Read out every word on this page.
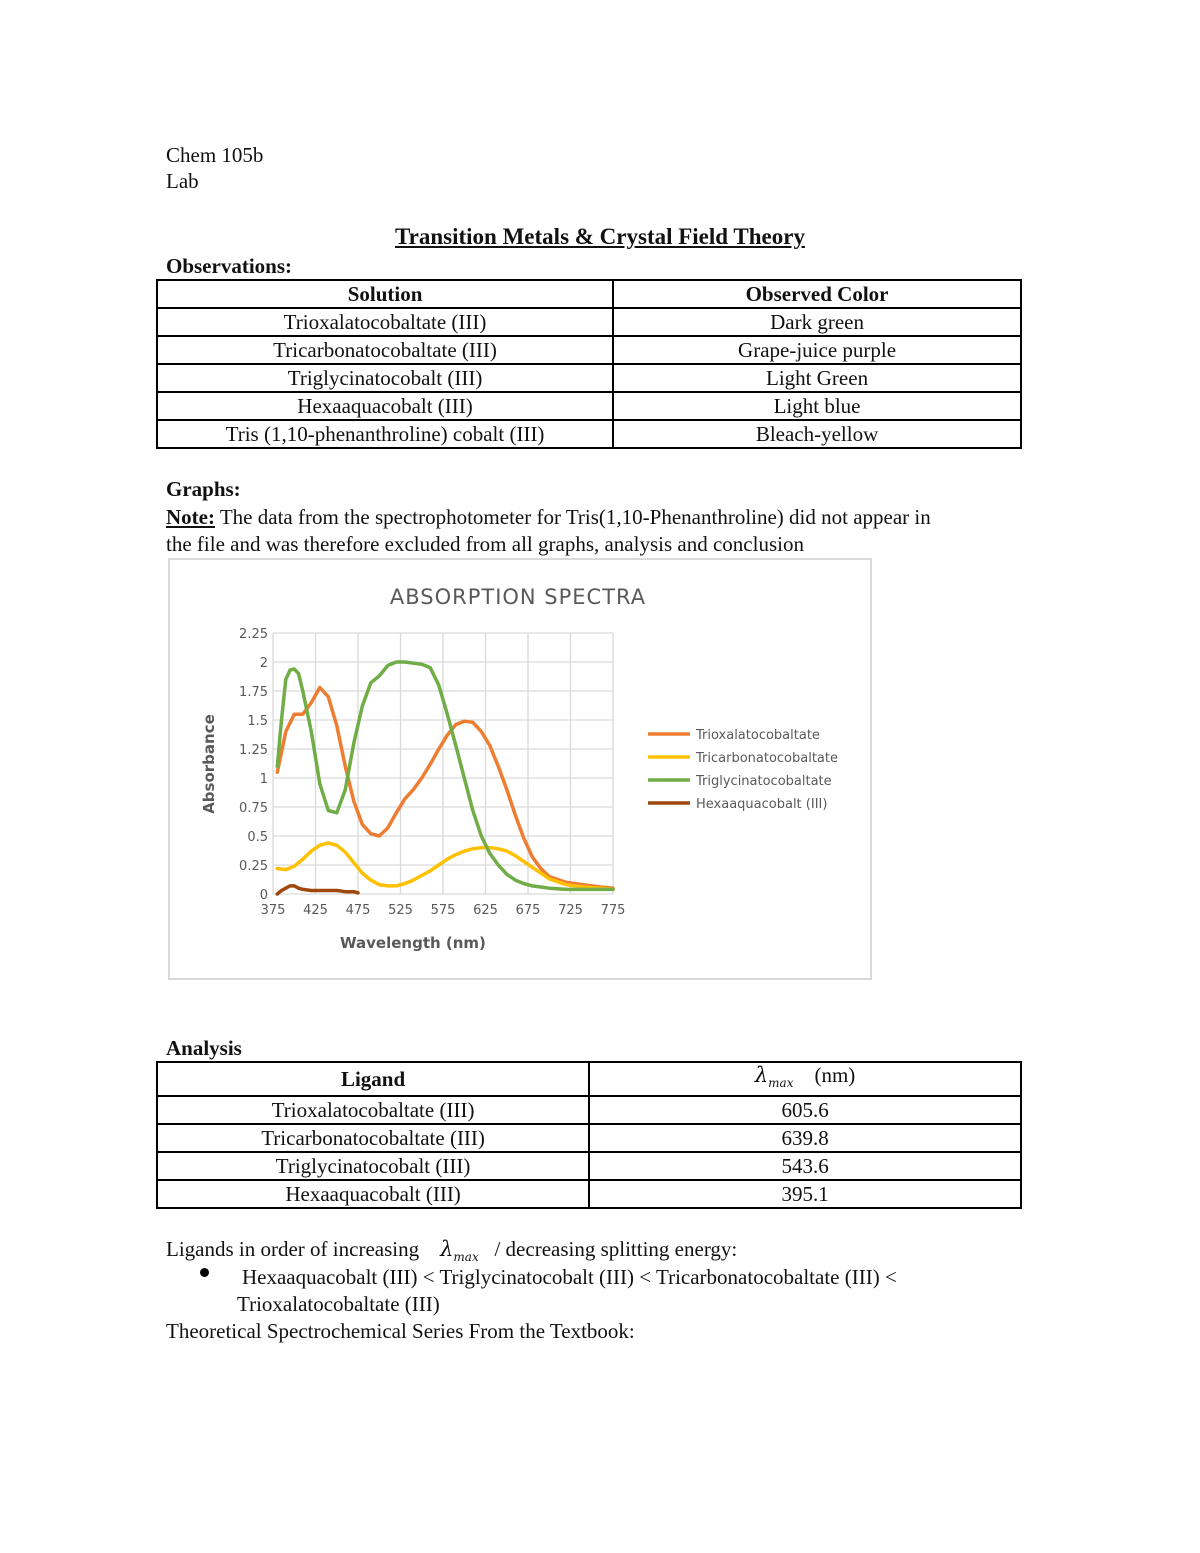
Chem 105b
Lab
Transition Metals & Crystal Field Theory
Observations:
Solution	Observed Color
Trioxalatocobaltate (III)	Dark green
Tricarbonatocobaltate (III)	Grape-juice purple
Triglycinatocobalt (III)	Light Green
Hexaaquacobalt (III)	Light blue
Tris (1,10-phenanthroline) cobalt (III)	Bleach-yellow
Graphs:
Note: The data from the spectrophotometer for Tris(1,10-Phenanthroline) did not appear in
the file and was therefore excluded from all graphs, analysis and conclusion
ABSORPTION SPECTRA
375 425 475 525 575 625 675 725 775
0
0.25
0.5
0.75
1
1.25
1.5
1.75
2
2.25
Wavelength (nm)
Absorbance	Trioxalatocobaltate
Tricarbonatocobaltate
Triglycinatocobaltate
Hexaaquacobalt (III)
Analysis
Ligand	$\lambda_{max}$ (nm)
Trioxalatocobaltate (III)	605.6
Tricarbonatocobaltate (III)	639.8
Triglycinatocobalt (III)	543.6
Hexaaquacobalt (III)	395.1
Ligands in order of increasing $\lambda_{max}$ / decreasing splitting energy:
Hexaaquacobalt (III) < Triglycinatocobalt (III) < Tricarbonatocobaltate (III) <
Trioxalatocobaltate (III)
Theoretical Spectrochemical Series From the Textbook:
